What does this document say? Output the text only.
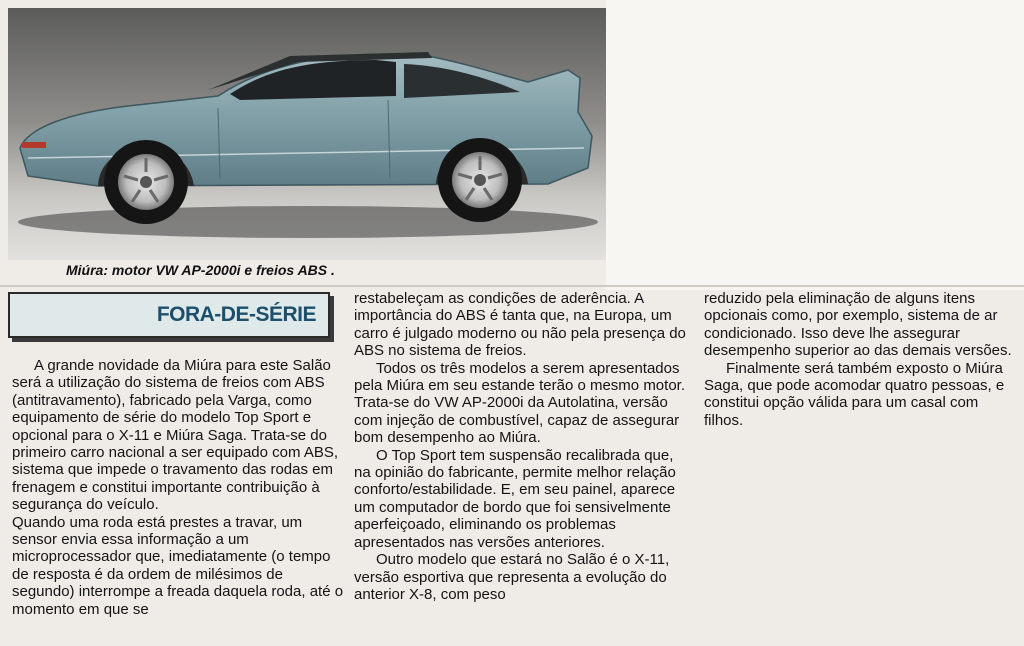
Miúra: motor VW AP-2000i e freios ABS .
FORA-DE-SÉRIE

A grande novidade da Miúra para este Salão será a utilização do sistema de freios com ABS (antitravamento), fabricado pela Varga, como equipamento de série do modelo Top Sport e opcional para o X-11 e Miúra Saga. Trata-se do primeiro carro nacional a ser equipado com ABS, sistema que impede o travamento das rodas em frenagem e constitui importante contribuição à segurança do veículo.

Quando uma roda está prestes a travar, um sensor envia essa informação a um microprocessador que, imediatamente (o tempo de resposta é da ordem de milésimos de segundo) interrompe a freada daquela roda, até o momento em que se

restabeleçam as condições de aderência. A importância do ABS é tanta que, na Europa, um carro é julgado moderno ou não pela presença do ABS no sistema de freios.

Todos os três modelos a serem apresentados pela Miúra em seu estande terão o mesmo motor. Trata-se do VW AP-2000i da Autolatina, versão com injeção de combustível, capaz de assegurar bom desempenho ao Miúra.

O Top Sport tem suspensão recalibrada que, na opinião do fabricante, permite melhor relação conforto/estabilidade. E, em seu painel, aparece um computador de bordo que foi sensivelmente aperfeiçoado, eliminando os problemas apresentados nas versões anteriores.

Outro modelo que estará no Salão é o X-11, versão esportiva que representa a evolução do anterior X-8, com peso

reduzido pela eliminação de alguns itens opcionais como, por exemplo, sistema de ar condicionado. Isso deve lhe assegurar desempenho superior ao das demais versões.

Finalmente será também exposto o Miúra Saga, que pode acomodar quatro pessoas, e constitui opção válida para um casal com filhos.
